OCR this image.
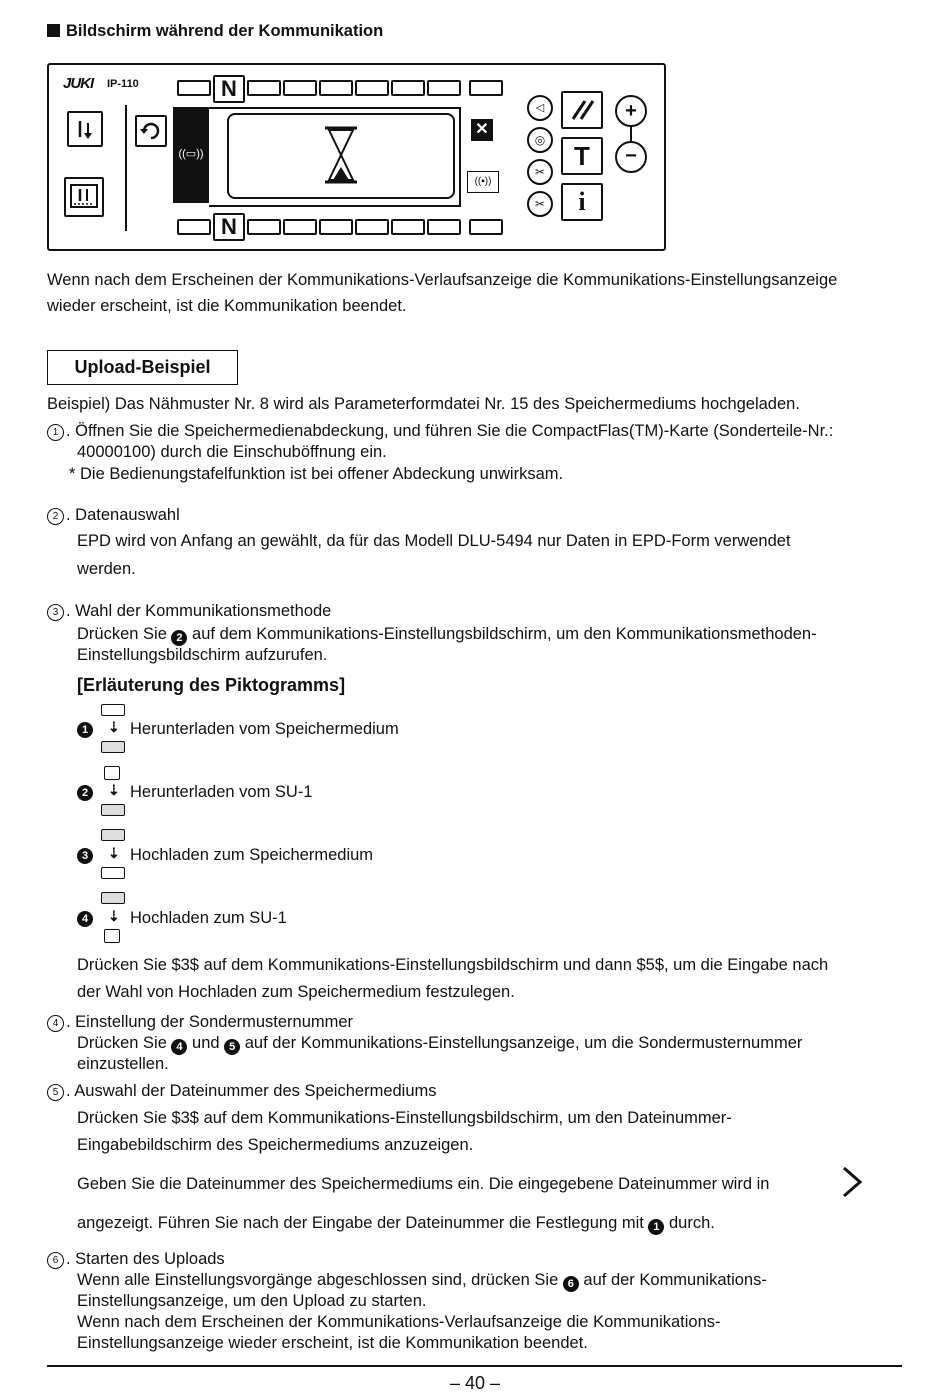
Bildschirm während der Kommunikation
JUKI IP-110	N
N
((▭))
✕
((▪))
◁
◎
✂
✂
T
i
+
−
Wenn nach dem Erscheinen der Kommunikations-Verlaufsanzeige die Kommunikations-Einstellungsanzeige
wieder erscheint, ist die Kommunikation beendet.
Upload-Beispiel
Beispiel) Das Nähmuster Nr. 8 wird als Parameterformdatei Nr. 15 des Speichermediums hochgeladen.
1 . Öffnen Sie die Speichermedienabdeckung, und führen Sie die CompactFlas(TM)-Karte (Sonderteile-Nr.:
40000100) durch die Einschuböffnung ein.
* Die Bedienungstafelfunktion ist bei offener Abdeckung unwirksam.
2 . Datenauswahl
EPD wird von Anfang an gewählt, da für das Modell DLU-5494 nur Daten in EPD-Form verwendet
werden.
3 . Wahl der Kommunikationsmethode
Drücken Sie 2 auf dem Kommunikations-Einstellungsbildschirm, um den Kommunikationsmethoden-
Einstellungsbildschirm aufzurufen.
[Erläuterung des Piktogramms]
1	⇣ Herunterladen vom Speichermedium
2	⇣ Herunterladen vom SU-1
3	⇣ Hochladen zum Speichermedium
4	⇣ Hochladen zum SU-1
Drücken Sie $3$ auf dem Kommunikations-Einstellungsbildschirm und dann $5$, um die Eingabe nach
der Wahl von Hochladen zum Speichermedium festzulegen.
4 . Einstellung der Sondermusternummer
Drücken Sie 4 und 5 auf der Kommunikations-Einstellungsanzeige, um die Sondermusternummer
einzustellen.
5 . Auswahl der Dateinummer des Speichermediums
Drücken Sie $3$ auf dem Kommunikations-Einstellungsbildschirm, um den Dateinummer-
Eingabebildschirm des Speichermediums anzuzeigen.
Geben Sie die Dateinummer des Speichermediums ein. Die eingegebene Dateinummer wird in
angezeigt. Führen Sie nach der Eingabe der Dateinummer die Festlegung mit 1 durch.
6 . Starten des Uploads
Wenn alle Einstellungsvorgänge abgeschlossen sind, drücken Sie 6 auf der Kommunikations-
Einstellungsanzeige, um den Upload zu starten.
Wenn nach dem Erscheinen der Kommunikations-Verlaufsanzeige die Kommunikations-
Einstellungsanzeige wieder erscheint, ist die Kommunikation beendet.
– 40 –
